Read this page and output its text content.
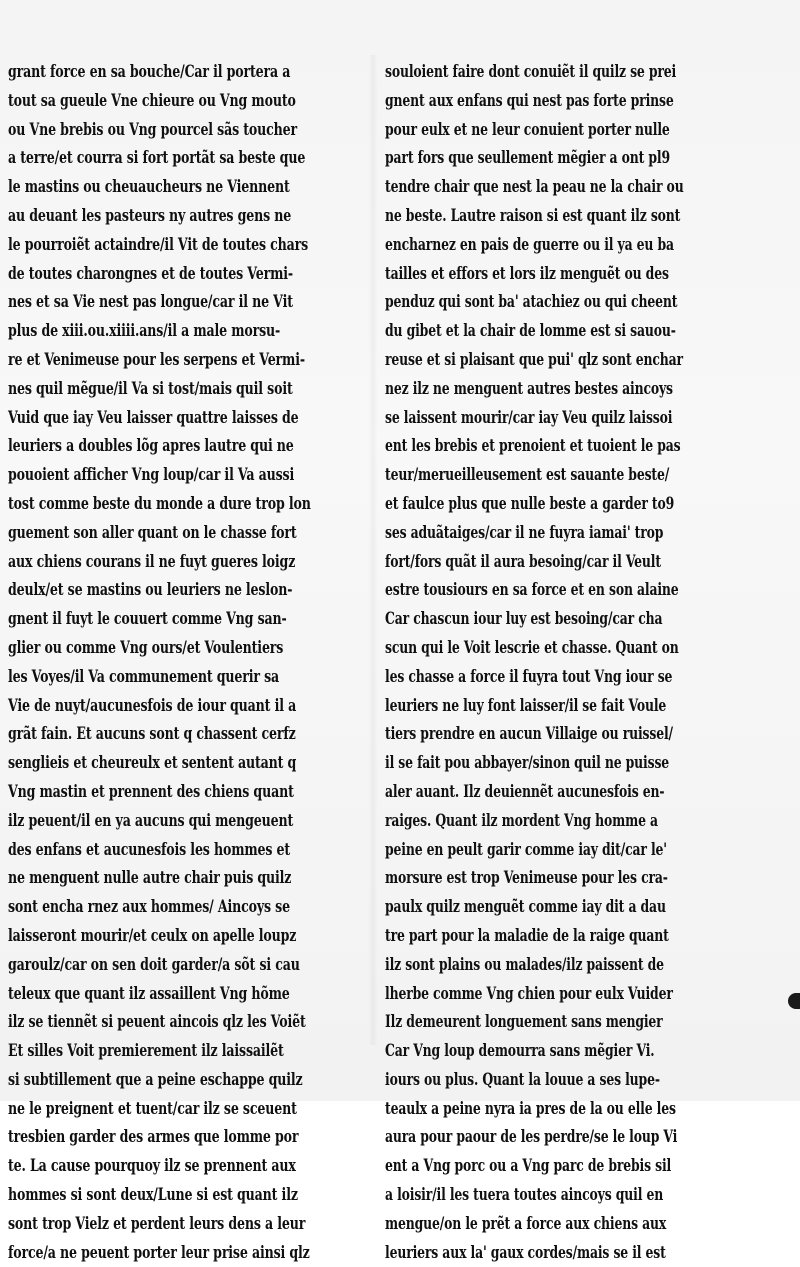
grant force en sa bouche/Car il portera a
tout sa gueule Vne chieure ou Vng mouto
ou Vne brebis ou Vng pourcel sãs toucher
a terre/et courra si fort portãt sa beste que
le mastins ou cheuaucheurs ne Viennent
au deuant les pasteurs ny autres gens ne
le pourroiẽt actaindre/il Vit de toutes chars
de toutes charongnes et de toutes Vermi-
nes et sa Vie nest pas longue/car il ne Vit
plus de xiii.ou.xiiii.ans/il a male morsu-
re et Venimeuse pour les serpens et Vermi-
nes quil mẽgue/il Va si tost/mais quil soit
Vuid que iay Veu laisser quattre laisses de
leuriers a doubles lõg apres lautre qui ne
pouoient afficher Vng loup/car il Va aussi
tost comme beste du monde a dure trop lon
guement son aller quant on le chasse fort
aux chiens courans il ne fuyt gueres loigz
deulx/et se mastins ou leuriers ne leslon-
gnent il fuyt le couuert comme Vng san-
glier ou comme Vng ours/et Voulentiers
les Voyes/il Va communement querir sa
Vie de nuyt/aucunesfois de iour quant il a
grãt fain. Et aucuns sont q chassent cerfz
senglieis et cheureulx et sentent autant q
Vng mastin et prennent des chiens quant
ilz peuent/il en ya aucuns qui mengeuent
des enfans et aucunesfois les hommes et
ne menguent nulle autre chair puis quilz
sont encha rnez aux hommes/ Aincoys se
laisseront mourir/et ceulx on apelle loupz
garoulz/car on sen doit garder/a sõt si cau
teleux que quant ilz assaillent Vng hõme
ilz se tiennẽt si peuent aincois qlz les Voiẽt
Et silles Voit premierement ilz laissailẽt
si subtillement que a peine eschappe quilz
ne le preignent et tuent/car ilz se sceuent
tresbien garder des armes que lomme por
te. La cause pourquoy ilz se prennent aux
hommes si sont deux/Lune si est quant ilz
sont trop Vielz et perdent leurs dens a leur
force/a ne peuent porter leur prise ainsi qlz
souloient faire dont conuiẽt il quilz se prei
gnent aux enfans qui nest pas forte prinse
pour eulx et ne leur conuient porter nulle
part fors que seullement mẽgier a ont pl9
tendre chair que nest la peau ne la chair ou
ne beste. Lautre raison si est quant ilz sont
encharnez en pais de guerre ou il ya eu ba
tailles et effors et lors ilz menguẽt ou des
penduz qui sont ba' atachiez ou qui cheent
du gibet et la chair de lomme est si sauou-
reuse et si plaisant que pui' qlz sont enchar
nez ilz ne menguent autres bestes aincoys
se laissent mourir/car iay Veu quilz laissoi
ent les brebis et prenoient et tuoient le pas
teur/merueilleusement est sauante beste/
et faulce plus que nulle beste a garder to9
ses aduãtaiges/car il ne fuyra iamai' trop
fort/fors quãt il aura besoing/car il Veult
estre tousiours en sa force et en son alaine
Car chascun iour luy est besoing/car cha
scun qui le Voit lescrie et chasse. Quant on
les chasse a force il fuyra tout Vng iour se
leuriers ne luy font laisser/il se fait Voule
tiers prendre en aucun Villaige ou ruissel/
il se fait pou abbayer/sinon quil ne puisse
aler auant. Ilz deuiennẽt aucunesfois en-
raiges. Quant ilz mordent Vng homme a
peine en peult garir comme iay dit/car le'
morsure est trop Venimeuse pour les cra-
paulx quilz menguẽt comme iay dit a dau
tre part pour la maladie de la raige quant
ilz sont plains ou malades/ilz paissent de
lherbe comme Vng chien pour eulx Vuider
Ilz demeurent longuement sans mengier
Car Vng loup demourra sans mẽgier Vi.
iours ou plus. Quant la louue a ses lupe-
teaulx a peine nyra ia pres de la ou elle les
aura pour paour de les perdre/se le loup Vi
ent a Vng porc ou a Vng parc de brebis sil
a loisir/il les tuera toutes aincoys quil en
mengue/on le prẽt a force aux chiens aux
leuriers aux la' gaux cordes/mais se il est
